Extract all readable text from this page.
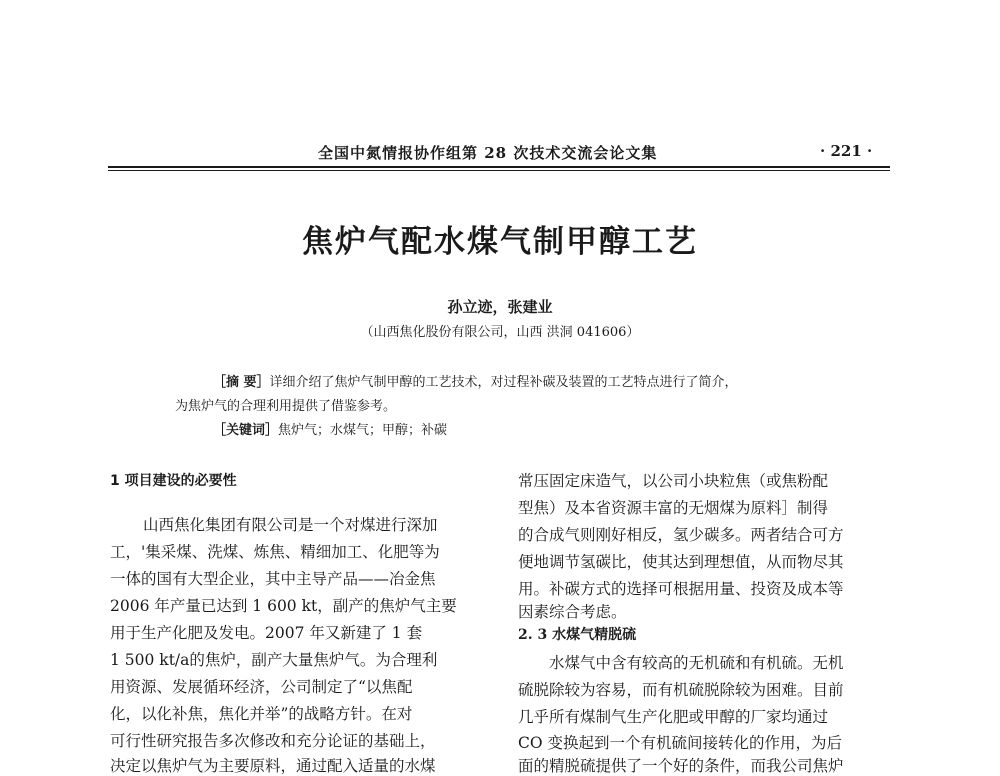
全国中氮情报协作组第 28 次技术交流会论文集	· 221 ·
焦炉气配水煤气制甲醇工艺
孙立迹，张建业
（山西焦化股份有限公司，山西 洪洞 041606）
［摘 要］详细介绍了焦炉气制甲醇的工艺技术，对过程补碳及装置的工艺特点进行了简介，
为焦炉气的合理利用提供了借鉴参考。
［关键词］焦炉气；水煤气；甲醇；补碳
1 项目建设的必要性
山西焦化集团有限公司是一个对煤进行深加
工，'集采煤、洗煤、炼焦、精细加工、化肥等为
一体的国有大型企业，其中主导产品——冶金焦
2006 年产量已达到 1 600 kt，副产的焦炉气主要
用于生产化肥及发电。2007 年又新建了 1 套
1 500 kt/a的焦炉，副产大量焦炉气。为合理利
用资源、发展循环经济，公司制定了“以焦配
化，以化补焦，焦化并举”的战略方针。在对
可行性研究报告多次修改和充分论证的基础上，
决定以焦炉气为主要原料，通过配入适量的水煤
常压固定床造气，以公司小块粒焦（或焦粉配
型焦）及本省资源丰富的无烟煤为原料］制得
的合成气则刚好相反，氢少碳多。两者结合可方
便地调节氢碳比，使其达到理想值，从而物尽其
用。补碳方式的选择可根据用量、投资及成本等
因素综合考虑。
2. 3 水煤气精脱硫
水煤气中含有较高的无机硫和有机硫。无机
硫脱除较为容易，而有机硫脱除较为困难。目前
几乎所有煤制气生产化肥或甲醇的厂家均通过
CO 变换起到一个有机硫间接转化的作用，为后
面的精脱硫提供了一个好的条件，而我公司焦炉
